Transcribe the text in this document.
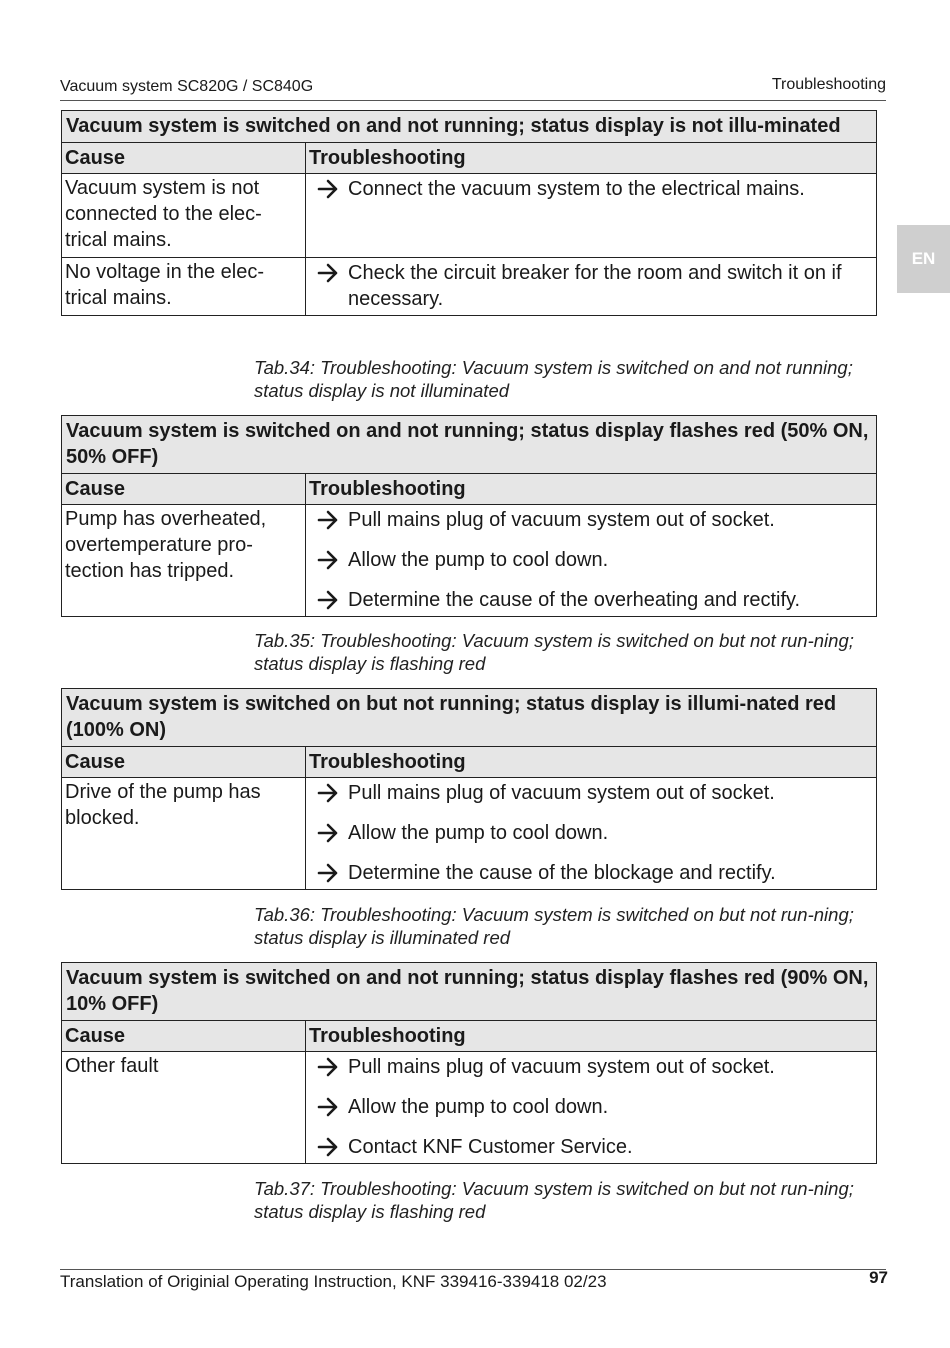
Vacuum system SC820G / SC840G	Troubleshooting
EN
Vacuum system is switched on and not running; status display is not illu-minated	
Cause	Troubleshooting
Vacuum system is not connected to the elec-trical mains.	Connect the vacuum system to the electrical mains.

No voltage in the elec-trical mains.	Check the circuit breaker for the room and switch it on if necessary.
Tab.34: Troubleshooting: Vacuum system is switched on and not running; status display is not illuminated
Vacuum system is switched on and not running; status display flashes red (50% ON, 50% OFF)	
Cause	Troubleshooting
Pump has overheated, overtemperature pro-tection has tripped.	Pull mains plug of vacuum system out of socket.
Allow the pump to cool down.
Determine the cause of the overheating and rectify.
Tab.35: Troubleshooting: Vacuum system is switched on but not run-ning; status display is flashing red
Vacuum system is switched on but not running; status display is illumi-nated red (100% ON)	
Cause	Troubleshooting
Drive of the pump has blocked.	Pull mains plug of vacuum system out of socket.
Allow the pump to cool down.
Determine the cause of the blockage and rectify.
Tab.36: Troubleshooting: Vacuum system is switched on but not run-ning; status display is illuminated red
Vacuum system is switched on and not running; status display flashes red (90% ON, 10% OFF)	
Cause	Troubleshooting
Other fault	Pull mains plug of vacuum system out of socket.
Allow the pump to cool down.
Contact KNF Customer Service.
Tab.37: Troubleshooting: Vacuum system is switched on but not run-ning; status display is flashing red
Translation of Originial Operating Instruction, KNF 339416-339418 02/23	97
